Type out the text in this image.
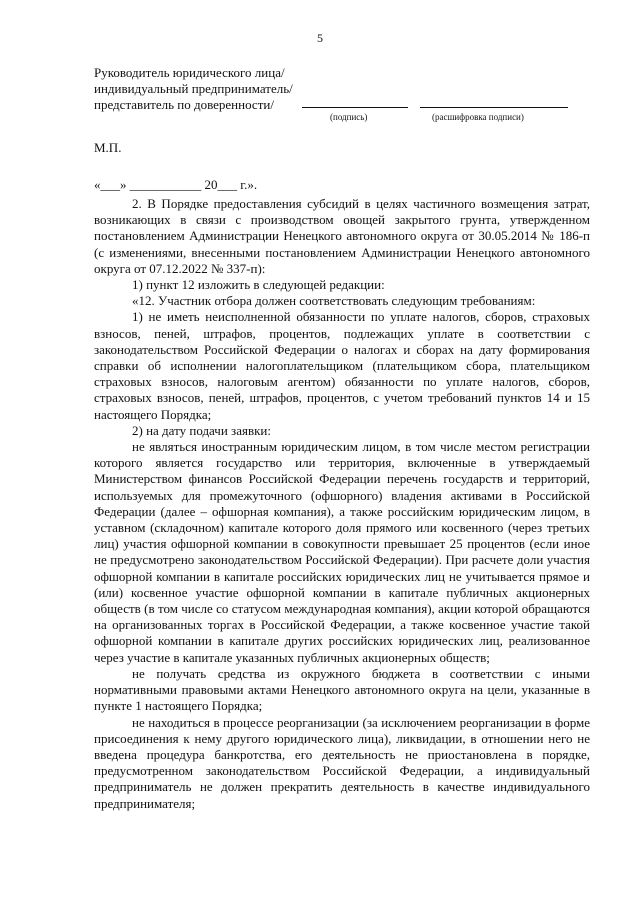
5
Руководитель юридического лица/
индивидуальный предприниматель/
представитель по доверенности/
(подпись)	(расшифровка подписи)
М.П.
«___» ___________ 20___ г.».

2. В Порядке предоставления субсидий в целях частичного возмещения затрат, возникающих в связи с производством овощей закрытого грунта, утвержденном постановлением Администрации Ненецкого автономного округа от 30.05.2014 № 186-п (с изменениями, внесенными постановлением Администрации Ненецкого автономного округа от 07.12.2022 № 337-п):

1) пункт 12 изложить в следующей редакции:

«12. Участник отбора должен соответствовать следующим требованиям:

1) не иметь неисполненной обязанности по уплате налогов, сборов, страховых взносов, пеней, штрафов, процентов, подлежащих уплате в соответствии с законодательством Российской Федерации о налогах и сборах на дату формирования справки об исполнении налогоплательщиком (плательщиком сбора, плательщиком страховых взносов, налоговым агентом) обязанности по уплате налогов, сборов, страховых взносов, пеней, штрафов, процентов, с учетом требований пунктов 14 и 15 настоящего Порядка;

2) на дату подачи заявки:

не являться иностранным юридическим лицом, в том числе местом регистрации которого является государство или территория, включенные в утверждаемый Министерством финансов Российской Федерации перечень государств и территорий, используемых для промежуточного (офшорного) владения активами в Российской Федерации (далее – офшорная компания), а также российским юридическим лицом, в уставном (складочном) капитале которого доля прямого или косвенного (через третьих лиц) участия офшорной компании в совокупности превышает 25 процентов (если иное не предусмотрено законодательством Российской Федерации). При расчете доли участия офшорной компании в капитале российских юридических лиц не учитывается прямое и (или) косвенное участие офшорной компании в капитале публичных акционерных обществ (в том числе со статусом международная компания), акции которой обращаются на организованных торгах в Российской Федерации, а также косвенное участие такой офшорной компании в капитале других российских юридических лиц, реализованное через участие в капитале указанных публичных акционерных обществ;

не получать средства из окружного бюджета в соответствии с иными нормативными правовыми актами Ненецкого автономного округа на цели, указанные в пункте 1 настоящего Порядка;

не находиться в процессе реорганизации (за исключением реорганизации в форме присоединения к нему другого юридического лица), ликвидации, в отношении него не введена процедура банкротства, его деятельность не приостановлена в порядке, предусмотренном законодательством Российской Федерации, а индивидуальный предприниматель не должен прекратить деятельность в качестве индивидуального предпринимателя;
